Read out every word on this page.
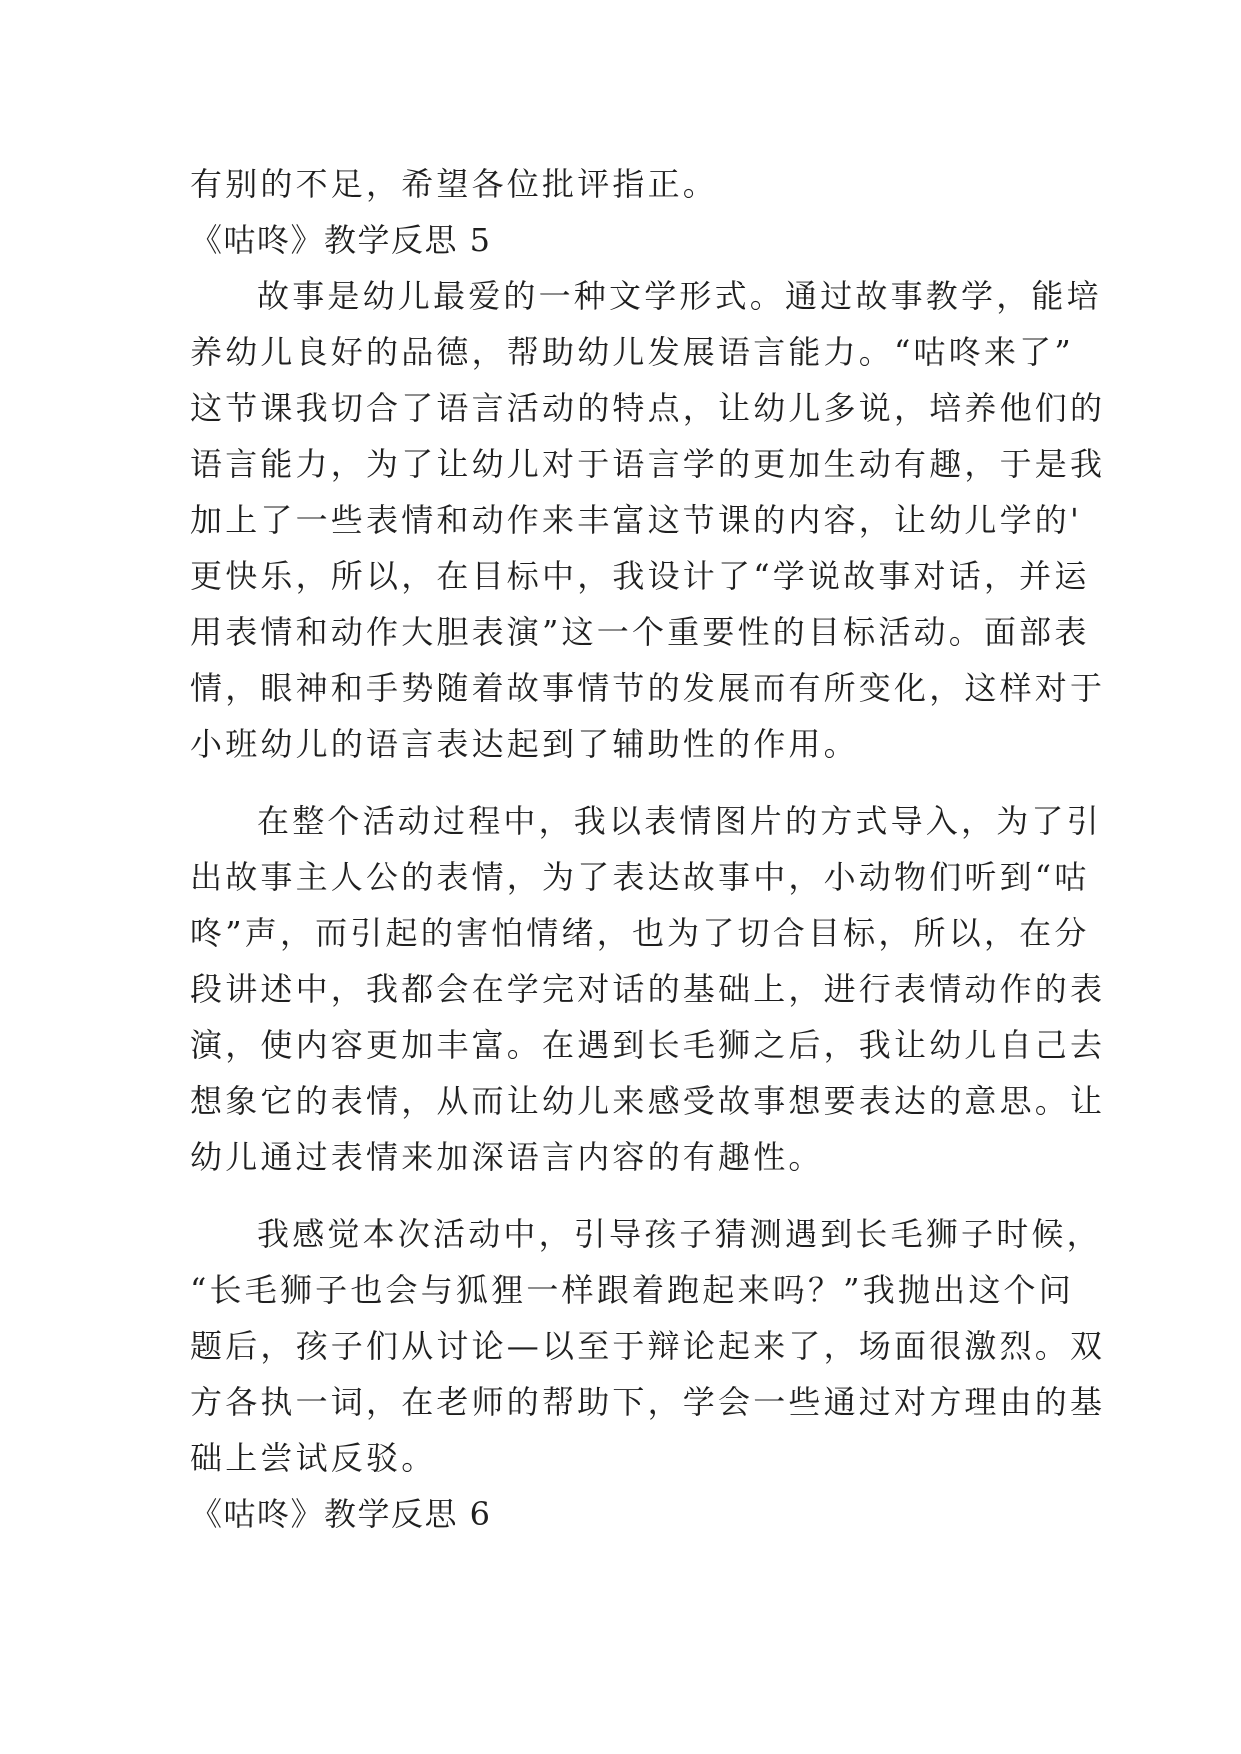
有别的不足，希望各位批评指正。
《咕咚》教学反思 5
故事是幼儿最爱的一种文学形式。通过故事教学，能培
养幼儿良好的品德，帮助幼儿发展语言能力。“咕咚来了”
这节课我切合了语言活动的特点，让幼儿多说，培养他们的
语言能力，为了让幼儿对于语言学的更加生动有趣，于是我
加上了一些表情和动作来丰富这节课的内容，让幼儿学的'
更快乐，所以，在目标中，我设计了“学说故事对话，并运
用表情和动作大胆表演”这一个重要性的目标活动。面部表
情，眼神和手势随着故事情节的发展而有所变化，这样对于
小班幼儿的语言表达起到了辅助性的作用。
在整个活动过程中，我以表情图片的方式导入，为了引
出故事主人公的表情，为了表达故事中，小动物们听到“咕
咚”声，而引起的害怕情绪，也为了切合目标，所以，在分
段讲述中，我都会在学完对话的基础上，进行表情动作的表
演，使内容更加丰富。在遇到长毛狮之后，我让幼儿自己去
想象它的表情，从而让幼儿来感受故事想要表达的意思。让
幼儿通过表情来加深语言内容的有趣性。
我感觉本次活动中，引导孩子猜测遇到长毛狮子时候，
“长毛狮子也会与狐狸一样跟着跑起来吗？”我抛出这个问
题后，孩子们从讨论—以至于辩论起来了，场面很激烈。双
方各执一词，在老师的帮助下，学会一些通过对方理由的基
础上尝试反驳。
《咕咚》教学反思 6
